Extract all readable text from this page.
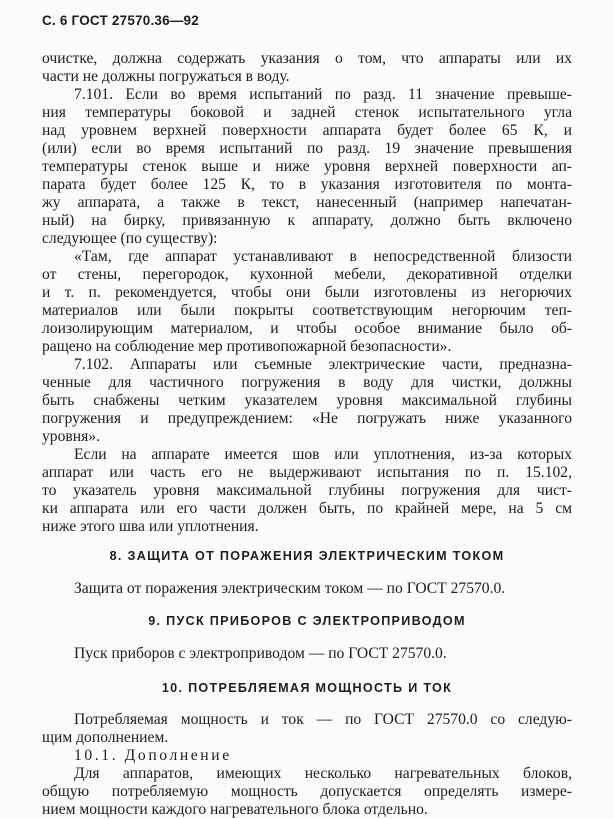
С. 6 ГОСТ 27570.36—92
очистке, должна содержать указания о том, что аппараты или их
части не должны погружаться в воду.
7.101. Если во время испытаний по разд. 11 значение превыше-
ния температуры боковой и задней стенок испытательного угла
над уровнем верхней поверхности аппарата будет более 65 К, и
(или) если во время испытаний по разд. 19 значение превышения
температуры стенок выше и ниже уровня верхней поверхности ап-
парата будет более 125 К, то в указания изготовителя по монта-
жу аппарата, а также в текст, нанесенный (например напечатан-
ный) на бирку, привязанную к аппарату, должно быть включено
следующее (по существу):
«Там, где аппарат устанавливают в непосредственной близости
от стены, перегородок, кухонной мебели, декоративной отделки
и т. п. рекомендуется, чтобы они были изготовлены из негорючих
материалов или были покрыты соответствующим негорючим теп-
лоизолирующим материалом, и чтобы особое внимание было об-
ращено на соблюдение мер противопожарной безопасности».
7.102. Аппараты или съемные электрические части, предназна-
ченные для частичного погружения в воду для чистки, должны
быть снабжены четким указателем уровня максимальной глубины
погружения и предупреждением: «Не погружать ниже указанного
уровня».
Если на аппарате имеется шов или уплотнения, из-за которых
аппарат или часть его не выдерживают испытания по п. 15.102,
то указатель уровня максимальной глубины погружения для чист-
ки аппарата или его части должен быть, по крайней мере, на 5 см
ниже этого шва или уплотнения.
8. ЗАЩИТА ОТ ПОРАЖЕНИЯ ЭЛЕКТРИЧЕСКИМ ТОКОМ
Защита от поражения электрическим током — по ГОСТ 27570.0.
9. ПУСК ПРИБОРОВ С ЭЛЕКТРОПРИВОДОМ
Пуск приборов с электроприводом — по ГОСТ 27570.0.
10. ПОТРЕБЛЯЕМАЯ МОЩНОСТЬ И ТОК
Потребляемая мощность и ток — по ГОСТ 27570.0 со следую-
щим дополнением.
10.1. Дополнение
Для аппаратов, имеющих несколько нагревательных блоков,
общую потребляемую мощность допускается определять измере-
нием мощности каждого нагревательного блока отдельно.
